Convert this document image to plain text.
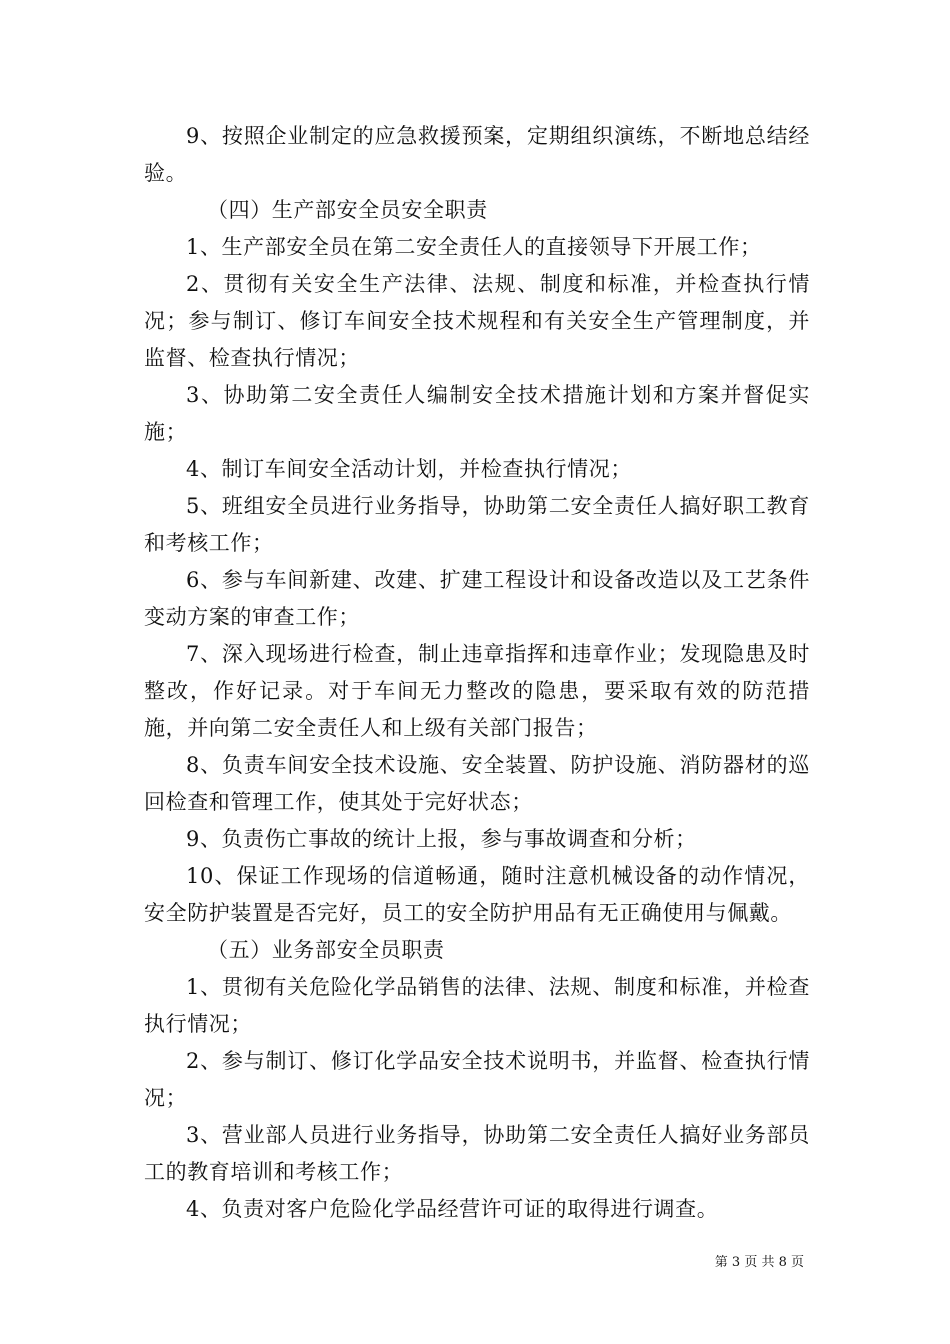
9、按照企业制定的应急救援预案，定期组织演练，不断地总结经验。

（四）生产部安全员安全职责

1、生产部安全员在第二安全责任人的直接领导下开展工作；

2、贯彻有关安全生产法律、法规、制度和标准，并检查执行情况；参与制订、修订车间安全技术规程和有关安全生产管理制度，并监督、检查执行情况；

3、协助第二安全责任人编制安全技术措施计划和方案并督促实施；

4、制订车间安全活动计划，并检查执行情况；

5、班组安全员进行业务指导，协助第二安全责任人搞好职工教育和考核工作；

6、参与车间新建、改建、扩建工程设计和设备改造以及工艺条件变动方案的审查工作；

7、深入现场进行检查，制止违章指挥和违章作业；发现隐患及时整改，作好记录。对于车间无力整改的隐患，要采取有效的防范措施，并向第二安全责任人和上级有关部门报告；

8、负责车间安全技术设施、安全装置、防护设施、消防器材的巡回检查和管理工作，使其处于完好状态；

9、负责伤亡事故的统计上报，参与事故调查和分析；

10、保证工作现场的信道畅通，随时注意机械设备的动作情况，安全防护装置是否完好，员工的安全防护用品有无正确使用与佩戴。

（五）业务部安全员职责

1、贯彻有关危险化学品销售的法律、法规、制度和标准，并检查执行情况；

2、参与制订、修订化学品安全技术说明书，并监督、检查执行情况；

3、营业部人员进行业务指导，协助第二安全责任人搞好业务部员工的教育培训和考核工作；

4、负责对客户危险化学品经营许可证的取得进行调查。

第 3 页 共 8 页
